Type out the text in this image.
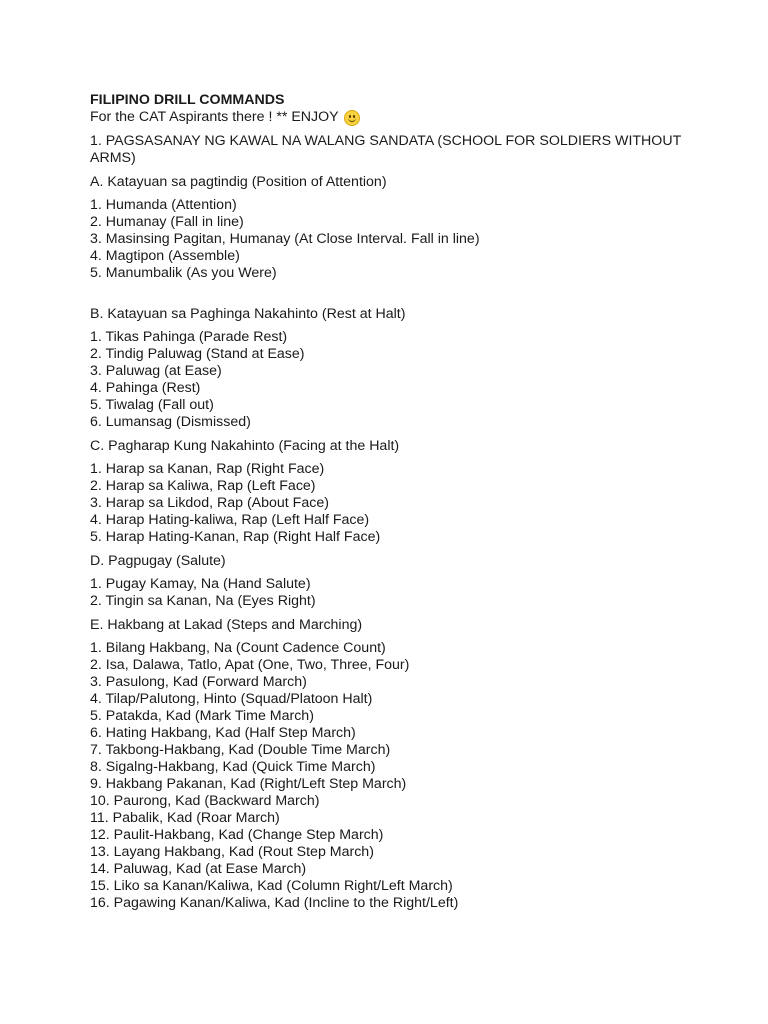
FILIPINO DRILL COMMANDS

For the CAT Aspirants there ! ** ENJOY

1. PAGSASANAY NG KAWAL NA WALANG SANDATA (SCHOOL FOR SOLDIERS WITHOUT ARMS)

A. Katayuan sa pagtindig (Position of Attention)

1. Humanda (Attention)

2. Humanay (Fall in line)

3. Masinsing Pagitan, Humanay (At Close Interval. Fall in line)

4. Magtipon (Assemble)

5. Manumbalik (As you Were)

B. Katayuan sa Paghinga Nakahinto (Rest at Halt)

1. Tikas Pahinga (Parade Rest)

2. Tindig Paluwag (Stand at Ease)

3. Paluwag (at Ease)

4. Pahinga (Rest)

5. Tiwalag (Fall out)

6. Lumansag (Dismissed)

C. Pagharap Kung Nakahinto (Facing at the Halt)

1. Harap sa Kanan, Rap (Right Face)

2. Harap sa Kaliwa, Rap (Left Face)

3. Harap sa Likdod, Rap (About Face)

4. Harap Hating-kaliwa, Rap (Left Half Face)

5. Harap Hating-Kanan, Rap (Right Half Face)

D. Pagpugay (Salute)

1. Pugay Kamay, Na (Hand Salute)

2. Tingin sa Kanan, Na (Eyes Right)

E. Hakbang at Lakad (Steps and Marching)

1. Bilang Hakbang, Na (Count Cadence Count)

2. Isa, Dalawa, Tatlo, Apat (One, Two, Three, Four)

3. Pasulong, Kad (Forward March)

4. Tilap/Palutong, Hinto (Squad/Platoon Halt)

5. Patakda, Kad (Mark Time March)

6. Hating Hakbang, Kad (Half Step March)

7. Takbong-Hakbang, Kad (Double Time March)

8. Sigalng-Hakbang, Kad (Quick Time March)

9. Hakbang Pakanan, Kad (Right/Left Step March)

10. Paurong, Kad (Backward March)

11. Pabalik, Kad (Roar March)

12. Paulit-Hakbang, Kad (Change Step March)

13. Layang Hakbang, Kad (Rout Step March)

14. Paluwag, Kad (at Ease March)

15. Liko sa Kanan/Kaliwa, Kad (Column Right/Left March)

16. Pagawing Kanan/Kaliwa, Kad (Incline to the Right/Left)
